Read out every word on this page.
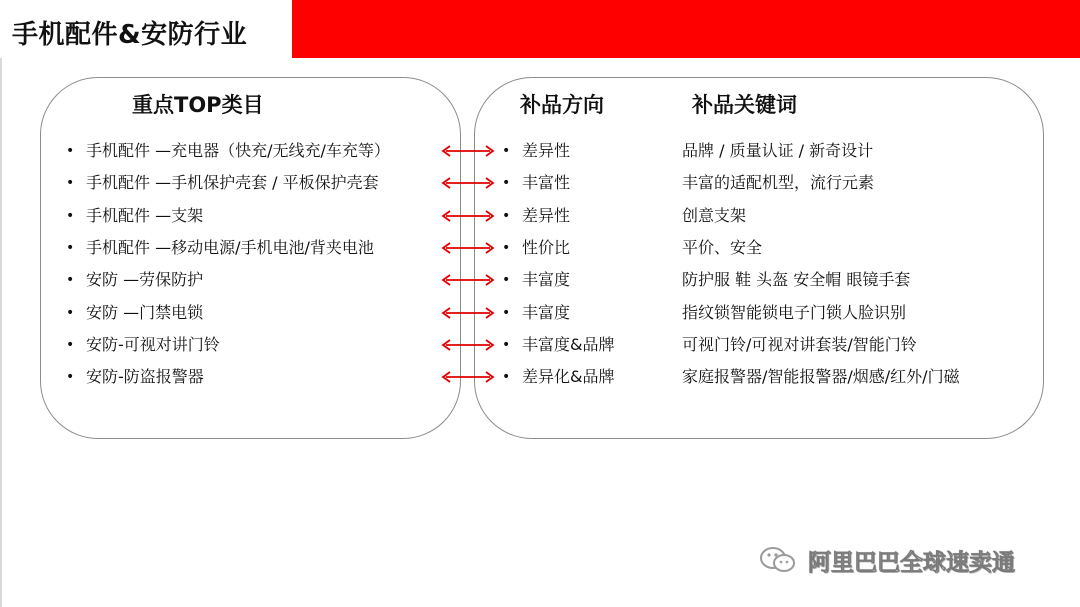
手机配件&安防行业
重点TOP类目	补品方向	补品关键词
• 手机配件 —充电器（快充/无线充/车充等）	• 差异性	品牌 / 质量认证 / 新奇设计
• 手机配件 —手机保护壳套 / 平板保护壳套	• 丰富性	丰富的适配机型，流行元素
• 手机配件 —支架	• 差异性	创意支架
• 手机配件 —移动电源/手机电池/背夹电池	• 性价比	平价、安全
• 安防 —劳保防护	• 丰富度	防护服 鞋 头盔 安全帽 眼镜手套
• 安防 —门禁电锁	• 丰富度	指纹锁智能锁电子门锁人脸识别
• 安防-可视对讲门铃	• 丰富度&品牌	可视门铃/可视对讲套装/智能门铃
• 安防-防盗报警器	• 差异化&品牌	家庭报警器/智能报警器/烟感/红外/门磁
阿里巴巴全球速卖通
